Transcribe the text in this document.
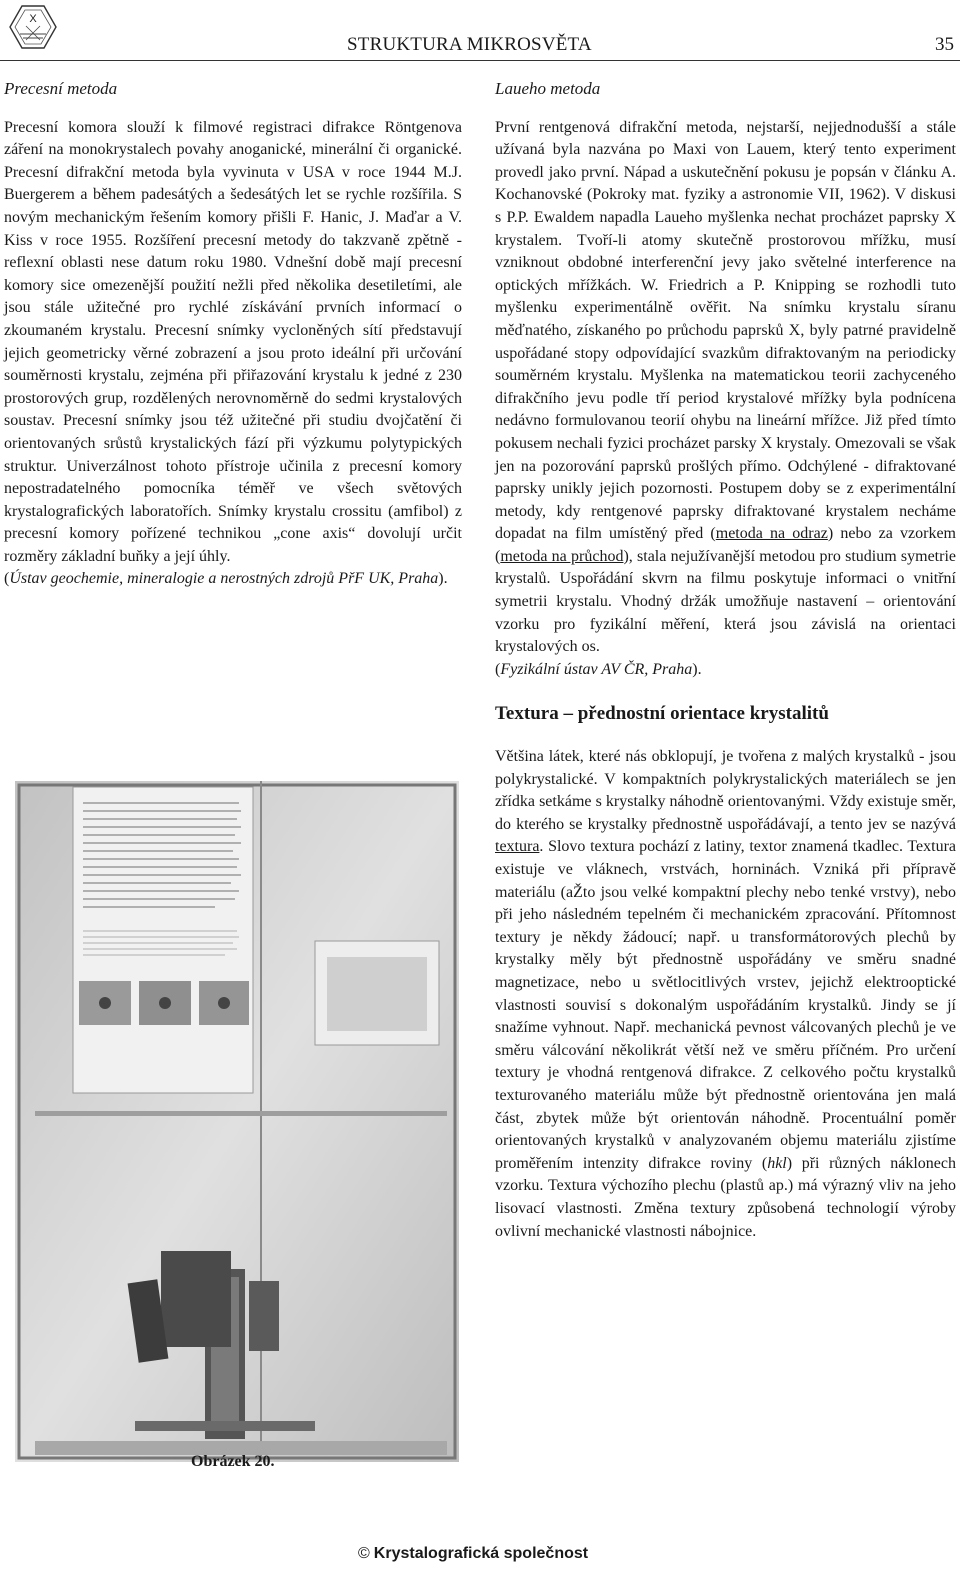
X
STRUKTURA MIKROSVĚTA	35
Precesní metoda

Precesní komora slouží k filmové registraci difrakce Röntgenova záření na monokrystalech povahy anoganické, minerální či organické. Precesní difrakční metoda byla vyvinuta v USA v roce 1944 M.J. Buergerem a během padesátých a šedesátých let se rychle rozšířila. S novým mechanickým řešením komory přišli F. Hanic, J. Maďar a V. Kiss v roce 1955. Rozšíření precesní metody do takzvaně zpětně - reflexní oblasti nese datum roku 1980. Vdnešní době mají precesní komory sice omezenější použití nežli před několika desetiletími, ale jsou stále užitečné pro rychlé získávání prvních informací o zkoumaném krystalu. Precesní snímky vycloněných sítí představují jejich geometricky věrné zobrazení a jsou proto ideální při určování souměrnosti krystalu, zejména při přiřazování krystalu k jedné z 230 prostorových grup, rozdělených nerovnoměrně do sedmi krystalových soustav. Precesní snímky jsou též užitečné při studiu dvojčatění či orientovaných srůstů krystalických fází při výzkumu polytypických struktur. Univerzálnost tohoto přístroje učinila z precesní komory nepostradatelného pomocníka téměř ve všech světových krystalografických laboratořích. Snímky krystalu crossitu (amfibol) z precesní komory pořízené technikou „cone axis“ dovolují určit rozměry základní buňky a její úhly.

(Ústav geochemie, mineralogie a nerostných zdrojů PřF UK, Praha).

Obrázek 20.
Laueho metoda

První rentgenová difrakční metoda, nejstarší, nejjednodušší a stále užívaná byla nazvána po Maxi von Lauem, který tento experiment provedl jako první. Nápad a uskutečnění pokusu je popsán v článku A. Kochanovské (Pokroky mat. fyziky a astronomie VII, 1962). V diskusi s P.P. Ewaldem napadla Laueho myšlenka nechat procházet paprsky X krystalem. Tvoří-li atomy skutečně prostorovou mřížku, musí vzniknout obdobné interferenční jevy jako světelné interference na optických mřížkách. W. Friedrich a P. Knipping se rozhodli tuto myšlenku experimentálně ověřit. Na snímku krystalu síranu měďnatého, získaného po průchodu paprsků X, byly patrné pravidelně uspořádané stopy odpovídající svazkům difraktovaným na periodicky souměrném krystalu. Myšlenka na matematickou teorii zachyceného difrakčního jevu podle tří period krystalové mřížky byla podnícena nedávno formulovanou teorií ohybu na lineární mřížce. Již před tímto pokusem nechali fyzici procházet parsky X krystaly. Omezovali se však jen na pozorování paprsků prošlých přímo. Odchýlené - difraktované paprsky unikly jejich pozornosti. Postupem doby se z experimentální metody, kdy rentgenové paprsky difraktované krystalem necháme dopadat na film umístěný před (metoda na odraz) nebo za vzorkem (metoda na průchod), stala nejužívanější metodou pro studium symetrie krystalů. Uspořádání skvrn na filmu poskytuje informaci o vnitřní symetrii krystalu. Vhodný držák umožňuje nastavení – orientování vzorku pro fyzikální měření, která jsou závislá na orientaci krystalových os.

(Fyzikální ústav AV ČR, Praha).

Textura – přednostní orientace krystalitů

Většina látek, které nás obklopují, je tvořena z malých krystalků - jsou polykrystalické. V kompaktních polykrystalických materiálech se jen zřídka setkáme s krystalky náhodně orientovanými. Vždy existuje směr, do kterého se krystalky přednostně uspořádávají, a tento jev se nazývá textura. Slovo textura pochází z latiny, textor znamená tkadlec. Textura existuje ve vláknech, vrstvách, horninách. Vzniká při přípravě materiálu (aŽto jsou velké kompaktní plechy nebo tenké vrstvy), nebo při jeho následném tepelném či mechanickém zpracování. Přítomnost textury je někdy žádoucí; např. u transformátorových plechů by krystalky měly být přednostně uspořádány ve směru snadné magnetizace, nebo u světlocitlivých vrstev, jejichž elektrooptické vlastnosti souvisí s dokonalým uspořádáním krystalků. Jindy se jí snažíme vyhnout. Např. mechanická pevnost válcovaných plechů je ve směru válcování několikrát větší než ve směru příčném. Pro určení textury je vhodná rentgenová difrakce. Z celkového počtu krystalků texturovaného materiálu může být přednostně orientována jen malá část, zbytek může být orientován náhodně. Procentuální poměr orientovaných krystalků v analyzovaném objemu materiálu zjistíme proměřením intenzity difrakce roviny (hkl) při různých náklonech vzorku. Textura výchozího plechu (plastů ap.) má výrazný vliv na jeho lisovací vlastnosti. Změna textury způsobená technologií výroby ovlivní mechanické vlastnosti nábojnice.

© Krystalografická společnost
